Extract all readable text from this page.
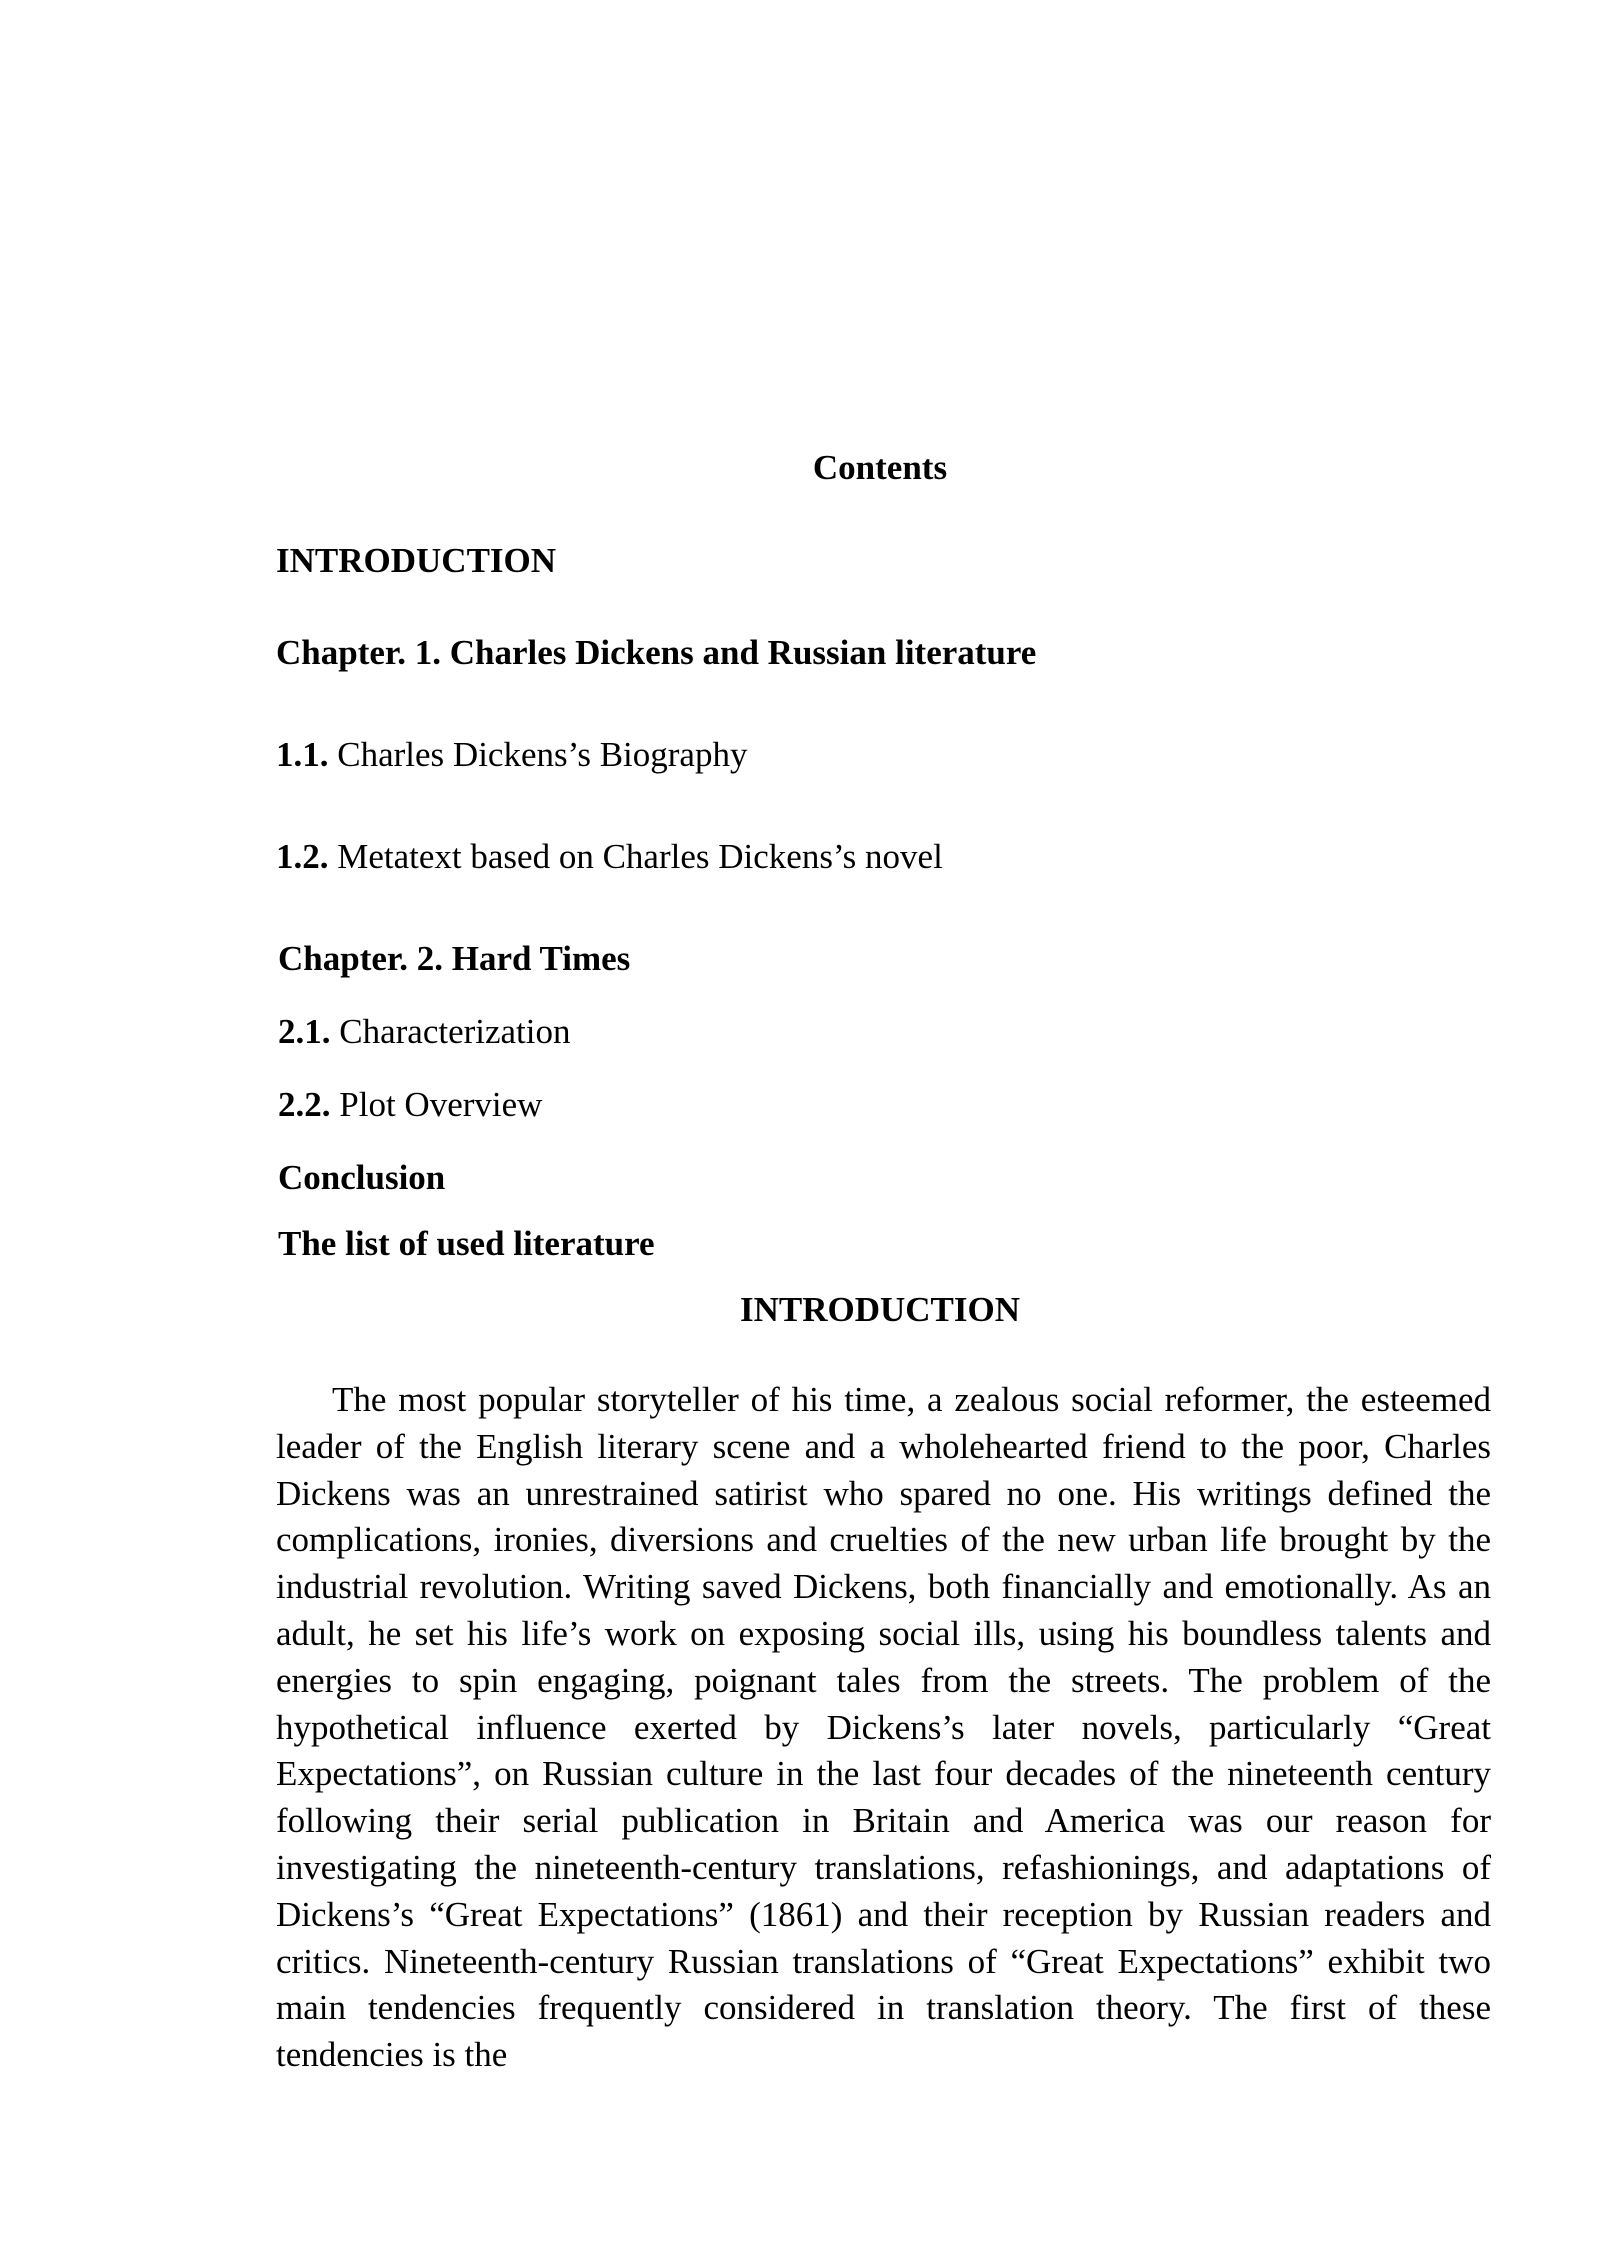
Contents
INTRODUCTION
Chapter. 1. Charles Dickens and Russian literature
1.1. Charles Dickens’s Biography
1.2. Metatext based on Charles Dickens’s novel
Chapter. 2. Hard Times
2.1. Characterization
2.2. Plot Overview
Conclusion
The list of used literature
INTRODUCTION
The most popular storyteller of his time, a zealous social reformer, the esteemed leader of the English literary scene and a wholehearted friend to the poor, Charles Dickens was an unrestrained satirist who spared no one. His writings defined the complications, ironies, diversions and cruelties of the new urban life brought by the industrial revolution. Writing saved Dickens, both financially and emotionally. As an adult, he set his life’s work on exposing social ills, using his boundless talents and energies to spin engaging, poignant tales from the streets. The problem of the hypothetical influence exerted by Dickens’s later novels, particularly “Great Expectations”, on Russian culture in the last four decades of the nineteenth century following their serial publication in Britain and America was our reason for investigating the nineteenth-century translations, refashionings, and adaptations of Dickens’s “Great Expectations” (1861) and their reception by Russian readers and critics. Nineteenth-century Russian translations of “Great Expectations” exhibit two main tendencies frequently considered in translation theory. The first of these tendencies is the
